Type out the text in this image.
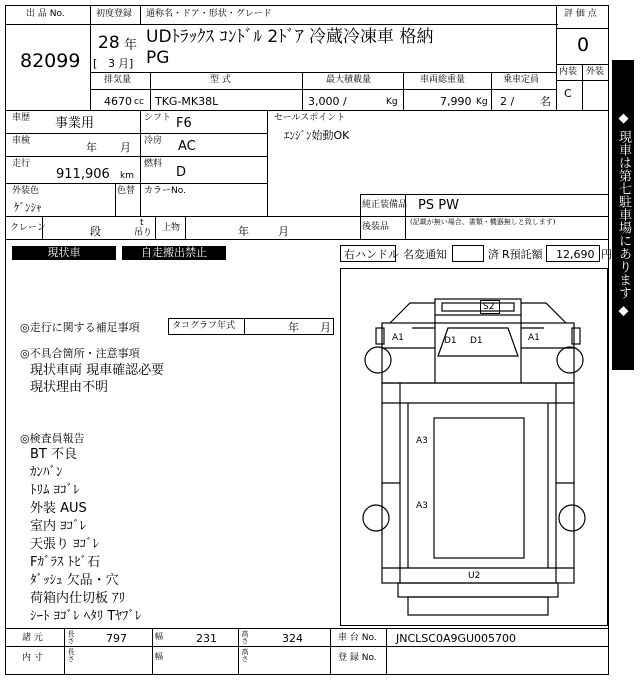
出 品 No.	初度登録 通称名・ドア・形状・グレード	評 価 点
82099
28 年
[ 3 月]
UDﾄﾗｯｸｽ ｺﾝﾄﾞﾙ 2ﾄﾞｱ 冷蔵冷凍車 格納
PG
0
内装 外装
C
排気量	型 式	最大積載量	車両総重量	乗車定員
4670 cc TKG-MK38L	3,000 /	Kg	7,990 Kg 2 / 名
車歴 事業用	シフト F6
車検	年 月 冷房 AC
走行
911,906 km
燃料
D
外装色	色替 カラーNo.
ｹﾞﾝｼｬ
セールスポイント
ｴﾝｼﾞﾝ始動OK
純正装備品 PS PW
後装品	(記載が無い場合、書類・機器無しと致します)
クレーン	段
t
吊り 上物	年	月
現状車	自走搬出禁止	右ハンドル 名変通知	済 R預託額 12,690 円
◎走行に関する補足事項	タコグラフ年式	年 月
◎不具合箇所・注意事項
現状車両 現車確認必要
現状理由不明
◎検査員報告
BT 不良
ｶﾝﾊﾞﾝ
ﾄﾘﾑ ﾖｺﾞﾚ
外装 AUS
室内 ﾖｺﾞﾚ
天張り ﾖｺﾞﾚ
Fｶﾞﾗｽ ﾄﾋﾞ石
ﾀﾞｯｼｭ 欠品・穴
荷箱内仕切板 ｱﾘ
ｼｰﾄ ﾖｺﾞﾚ ﾍﾀﾘ Tﾔﾌﾞﾚ
S2
A1	A1
D1 D1
A3
A3
U2
◆ 現車は第七駐車場にあります ◆
諸 元	長さ	797	幅	231	高さ	324	車 台 No. JNCLSC0A9GU005700
内 寸	長さ	幅	高さ	登 録 No.
